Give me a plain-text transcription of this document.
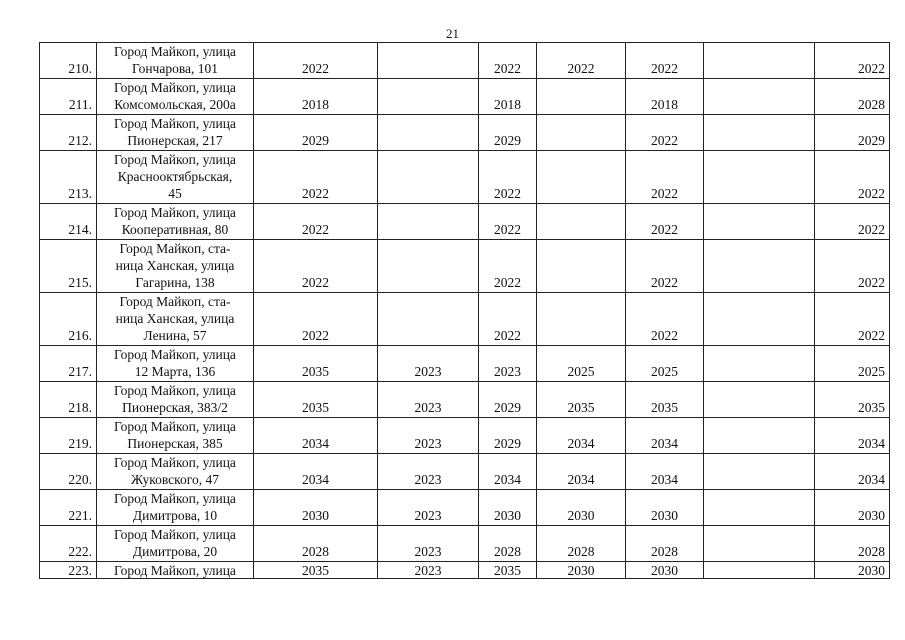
21
210.	Город Майкоп, улица
Гончарова, 101	2022		2022	2022	2022		2022
211.	Город Майкоп, улица
Комсомольская, 200а	2018		2018		2018		2028
212.	Город Майкоп, улица
Пионерская, 217	2029		2029		2022		2029
213.	Город Майкоп, улица
Краснооктябрьская,
45	2022		2022		2022		2022
214.	Город Майкоп, улица
Кооперативная, 80	2022		2022		2022		2022
215.	Город Майкоп, ста-
ница Ханская, улица
Гагарина, 138	2022		2022		2022		2022
216.	Город Майкоп, ста-
ница Ханская, улица
Ленина, 57	2022		2022		2022		2022
217.	Город Майкоп, улица
12 Марта, 136	2035	2023	2023	2025	2025		2025
218.	Город Майкоп, улица
Пионерская, 383/2	2035	2023	2029	2035	2035		2035
219.	Город Майкоп, улица
Пионерская, 385	2034	2023	2029	2034	2034		2034
220.	Город Майкоп, улица
Жуковского, 47	2034	2023	2034	2034	2034		2034
221.	Город Майкоп, улица
Димитрова, 10	2030	2023	2030	2030	2030		2030
222.	Город Майкоп, улица
Димитрова, 20	2028	2023	2028	2028	2028		2028
223.	Город Майкоп, улица	2035	2023	2035	2030	2030		2030
